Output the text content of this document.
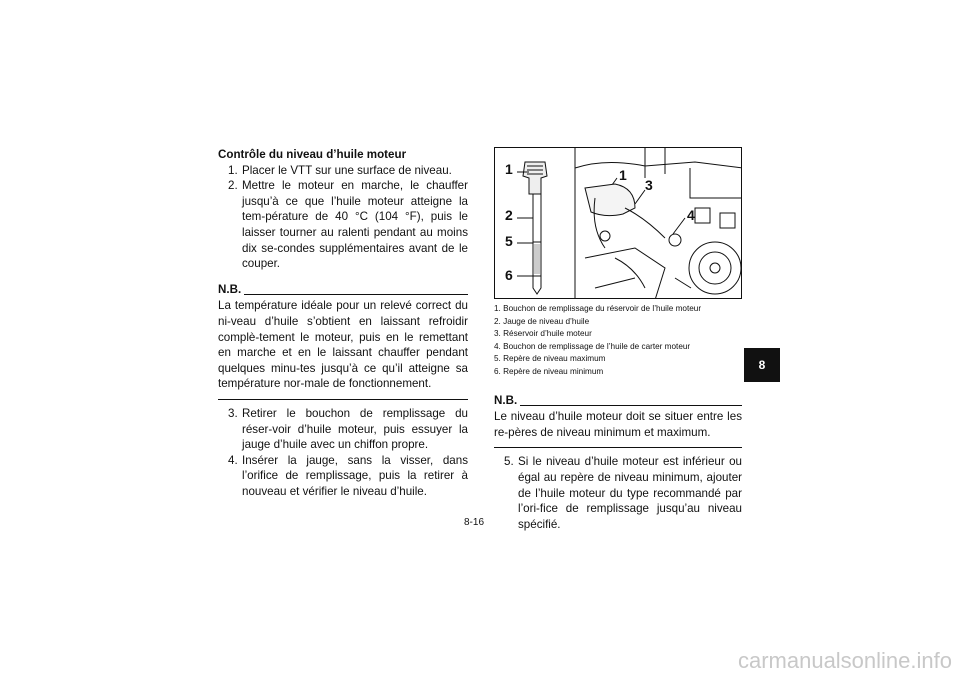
Contrôle du niveau d’huile moteur
1. Placer le VTT sur une surface de niveau.
2. Mettre le moteur en marche, le chauffer jusqu’à ce que l’huile moteur atteigne la tem-pérature de 40 °C (104 °F), puis le laisser tourner au ralenti pendant au moins dix se-condes supplémentaires avant de le couper.
N.B.
La température idéale pour un relevé correct du ni-veau d’huile s’obtient en laissant refroidir complè-tement le moteur, puis en le remettant en marche et en le laissant chauffer pendant quelques minu-tes jusqu’à ce qu’il atteigne sa température nor-male de fonctionnement.
3. Retirer le bouchon de remplissage du réser-voir d’huile moteur, puis essuyer la jauge d’huile avec un chiffon propre.
4. Insérer la jauge, sans la visser, dans l’orifice de remplissage, puis la retirer à nouveau et vérifier le niveau d’huile.
1
2
5
6
1
3
4
1. Bouchon de remplissage du réservoir de l’huile moteur
2. Jauge de niveau d’huile
3. Réservoir d’huile moteur
4. Bouchon de remplissage de l’huile de carter moteur
5. Repère de niveau maximum
6. Repère de niveau minimum
N.B.
Le niveau d’huile moteur doit se situer entre les re-pères de niveau minimum et maximum.
5. Si le niveau d’huile moteur est inférieur ou égal au repère de niveau minimum, ajouter de l’huile moteur du type recommandé par l’ori-fice de remplissage jusqu’au niveau spécifié.
8
8-16
carmanualsonline.info
